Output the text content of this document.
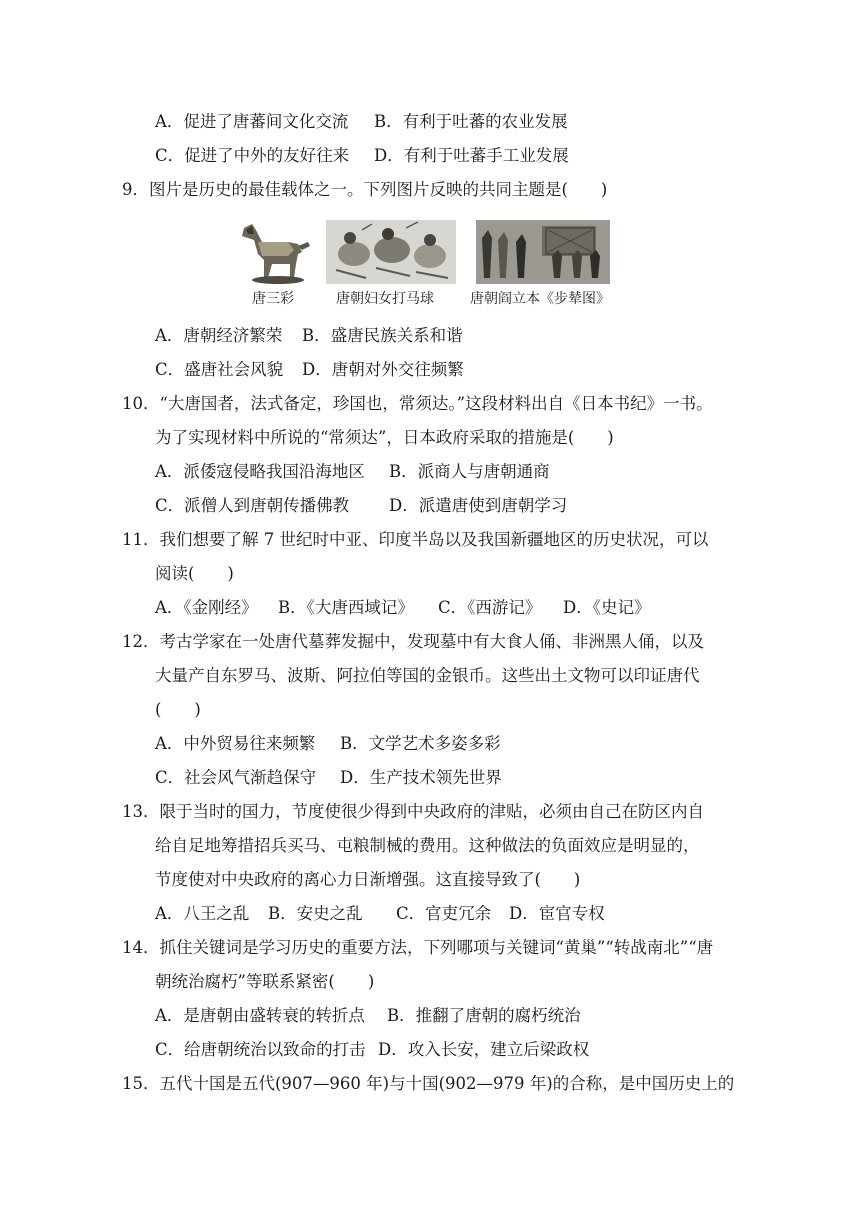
A．促进了唐蕃间文化交流 B．有利于吐蕃的农业发展
C．促进了中外的友好往来 D．有利于吐蕃手工业发展
9．图片是历史的最佳载体之一。下列图片反映的共同主题是(　　)
唐三彩	唐朝妇女打马球	唐朝阎立本《步辇图》
A．唐朝经济繁荣 B．盛唐民族关系和谐
C．盛唐社会风貌 D．唐朝对外交往频繁
10．“大唐国者，法式备定，珍国也，常须达。”这段材料出自《日本书纪》一书。
为了实现材料中所说的“常须达”，日本政府采取的措施是(　　)
A．派倭寇侵略我国沿海地区 B．派商人与唐朝通商
C．派僧人到唐朝传播佛教 D．派遣唐使到唐朝学习
11．我们想要了解 7 世纪时中亚、印度半岛以及我国新疆地区的历史状况，可以
阅读(　　)
A．《金刚经》 B．《大唐西域记》 C．《西游记》 D．《史记》
12．考古学家在一处唐代墓葬发掘中，发现墓中有大食人俑、非洲黑人俑，以及
大量产自东罗马、波斯、阿拉伯等国的金银币。这些出土文物可以印证唐代
(　　)
A．中外贸易往来频繁 B．文学艺术多姿多彩
C．社会风气渐趋保守 D．生产技术领先世界
13．限于当时的国力，节度使很少得到中央政府的津贴，必须由自己在防区内自
给自足地筹措招兵买马、屯粮制械的费用。这种做法的负面效应是明显的，
节度使对中央政府的离心力日渐增强。这直接导致了(　　)
A．八王之乱 B．安史之乱 C．官吏冗余 D．宦官专权
14．抓住关键词是学习历史的重要方法，下列哪项与关键词“黄巢”“转战南北”“唐
朝统治腐朽”等联系紧密(　　)
A．是唐朝由盛转衰的转折点 B．推翻了唐朝的腐朽统治
C．给唐朝统治以致命的打击 D．攻入长安，建立后梁政权
15．五代十国是五代(907—960 年)与十国(902—979 年)的合称，是中国历史上的
